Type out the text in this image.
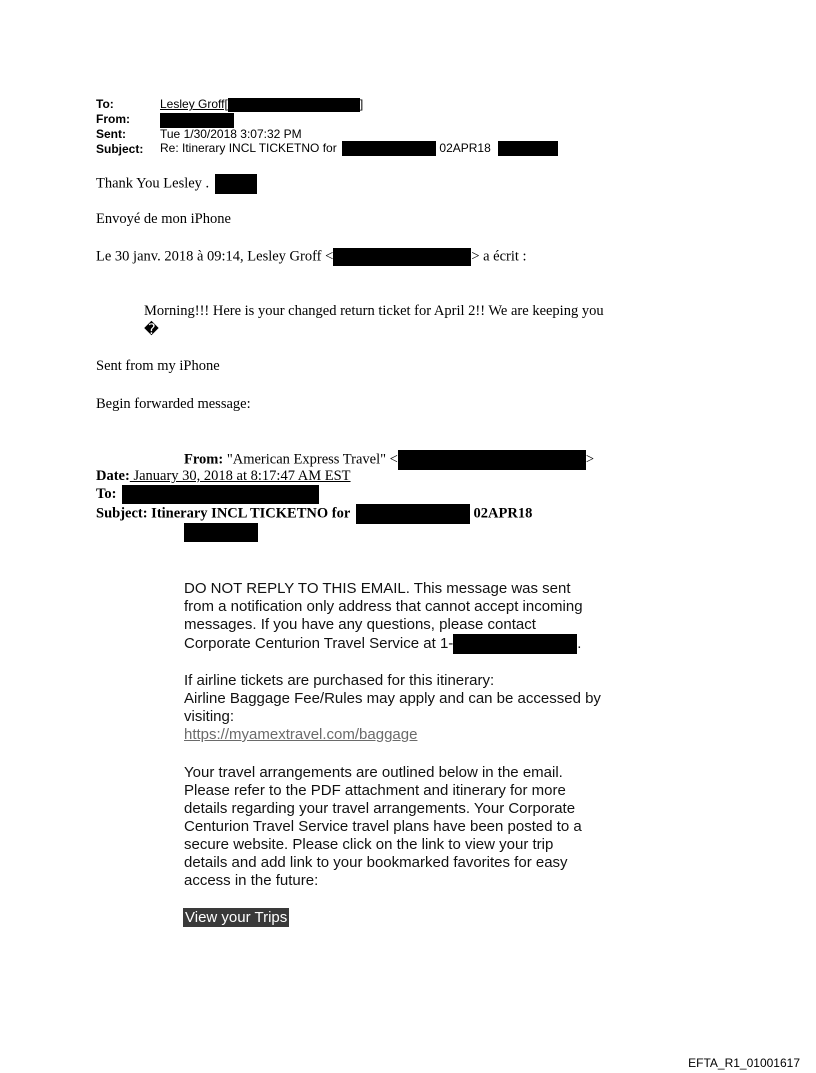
To:	Lesley Groff[	]
From:
Sent:	Tue 1/30/2018 3:07:32 PM
Subject: Re: Itinerary INCL TICKETNO for	02APR18
Thank You Lesley .
Envoyé de mon iPhone
Le 30 janv. 2018 à 09:14, Lesley Groff <	> a écrit :
Morning!!! Here is your changed return ticket for April 2!! We are keeping you
�
Sent from my iPhone
Begin forwarded message:
From: "American Express Travel" <	>
Date: January 30, 2018 at 8:17:47 AM EST
To:
Subject: Itinerary INCL TICKETNO for	02APR18
DO NOT REPLY TO THIS EMAIL. This message was sent
from a notification only address that cannot accept incoming
messages. If you have any questions, please contact
Corporate Centurion Travel Service at 1-	.
If airline tickets are purchased for this itinerary:
Airline Baggage Fee/Rules may apply and can be accessed by
visiting:
https://myamextravel.com/baggage
Your travel arrangements are outlined below in the email.
Please refer to the PDF attachment and itinerary for more
details regarding your travel arrangements. Your Corporate
Centurion Travel Service travel plans have been posted to a
secure website. Please click on the link to view your trip
details and add link to your bookmarked favorites for easy
access in the future:
View your Trips
EFTA_R1_01001617
